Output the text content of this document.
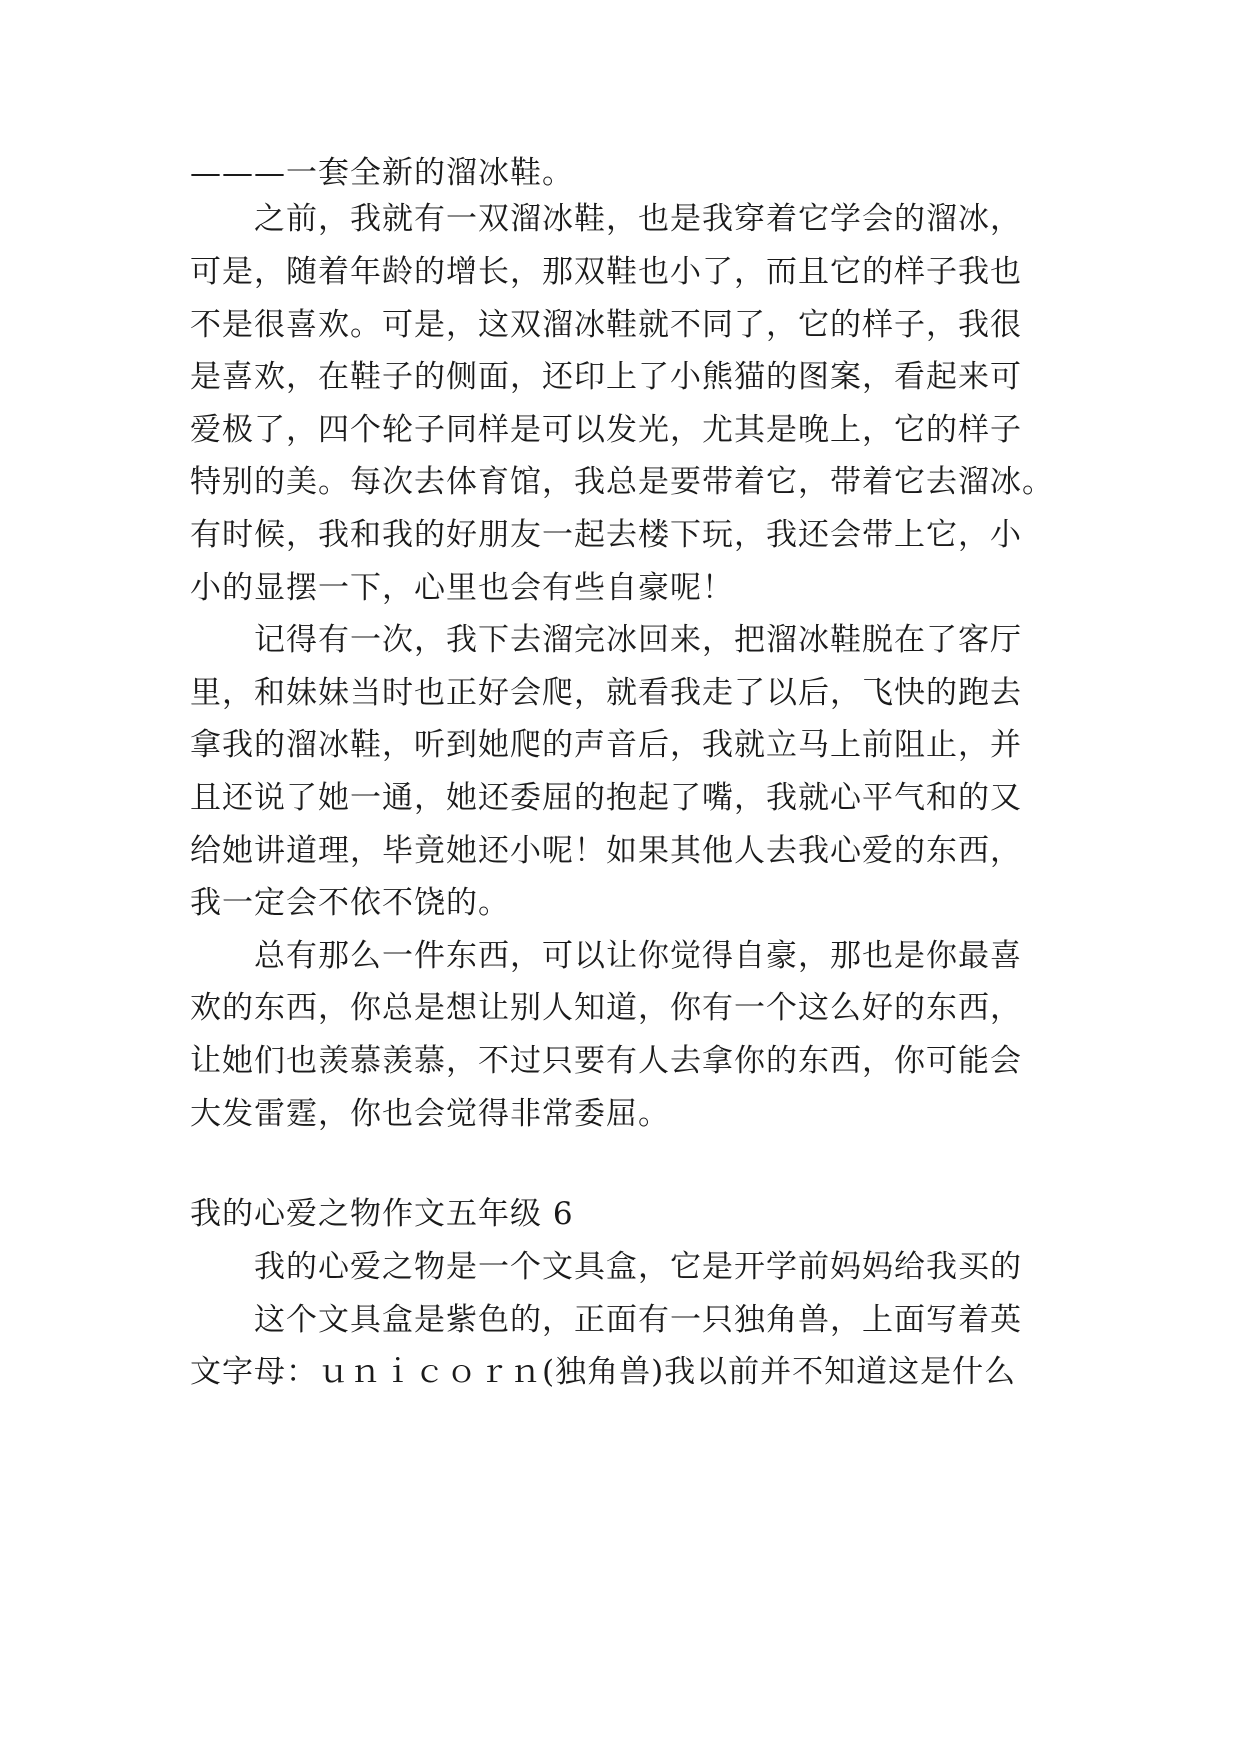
———一套全新的溜冰鞋。
之前，我就有一双溜冰鞋，也是我穿着它学会的溜冰，
可是，随着年龄的增长，那双鞋也小了，而且它的样子我也
不是很喜欢。可是，这双溜冰鞋就不同了，它的样子，我很
是喜欢，在鞋子的侧面，还印上了小熊猫的图案，看起来可
爱极了，四个轮子同样是可以发光，尤其是晚上，它的样子
特别的美。每次去体育馆，我总是要带着它，带着它去溜冰。
有时候，我和我的好朋友一起去楼下玩，我还会带上它，小
小的显摆一下，心里也会有些自豪呢！
记得有一次，我下去溜完冰回来，把溜冰鞋脱在了客厅
里，和妹妹当时也正好会爬，就看我走了以后，飞快的跑去
拿我的溜冰鞋，听到她爬的声音后，我就立马上前阻止，并
且还说了她一通，她还委屈的抱起了嘴，我就心平气和的又
给她讲道理，毕竟她还小呢！如果其他人去我心爱的东西，
我一定会不依不饶的。
总有那么一件东西，可以让你觉得自豪，那也是你最喜
欢的东西，你总是想让别人知道，你有一个这么好的东西，
让她们也羡慕羡慕，不过只要有人去拿你的东西，你可能会
大发雷霆，你也会觉得非常委屈。
我的心爱之物作文五年级 6
我的心爱之物是一个文具盒，它是开学前妈妈给我买的
这个文具盒是紫色的，正面有一只独角兽，上面写着英
文字母：ｕｎｉｃｏｒｎ(独角兽)我以前并不知道这是什么
